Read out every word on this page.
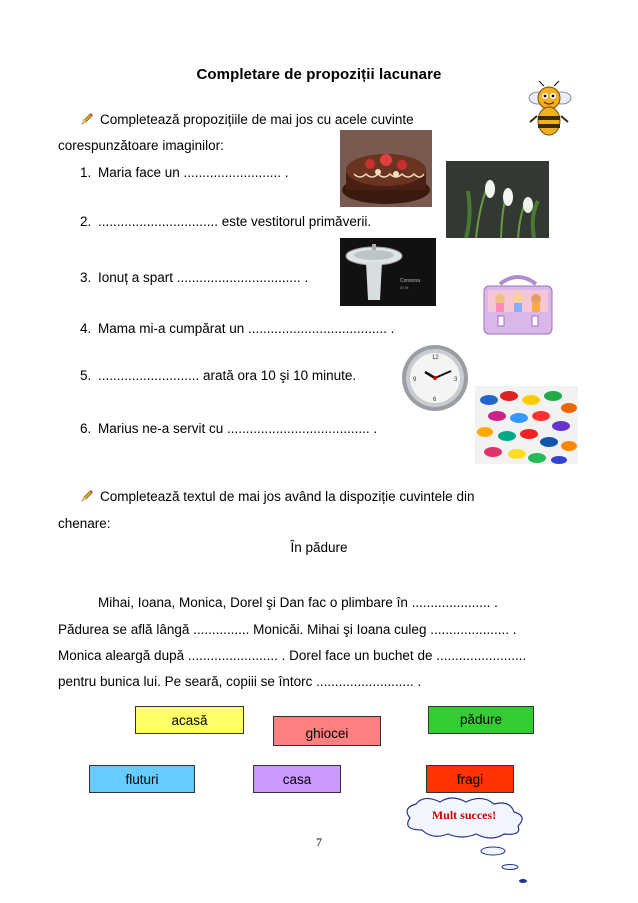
Completare de propoziții lacunare
Completează propozițiile de mai jos cu acele cuvinte
corespunzătoare imaginilor:
1. Maria face un .......................... .
2. ................................ este vestitorul primăverii.
3. Ionuț a spart ................................. .
4. Mama mi-a cumpărat un ..................................... .
5. ........................... arată ora 10 şi 10 minute.
6. Marius ne-a servit cu ...................................... .
Consona
Illi illi
12
3
6
9
Completează textul de mai jos având la dispoziție cuvintele din
chenare:
În pădure
Mihai, Ioana, Monica, Dorel şi Dan fac o plimbare în ..................... .
Pădurea se află lângă ............... Monicăi. Mihai şi Ioana culeg ..................... .
Monica aleargă după ........................ . Dorel face un buchet de ........................
pentru bunica lui. Pe seară, copiii se întorc .......................... .
acasă
ghiocei
pădure
fluturi	casa	fragi
Mult succes!
7
